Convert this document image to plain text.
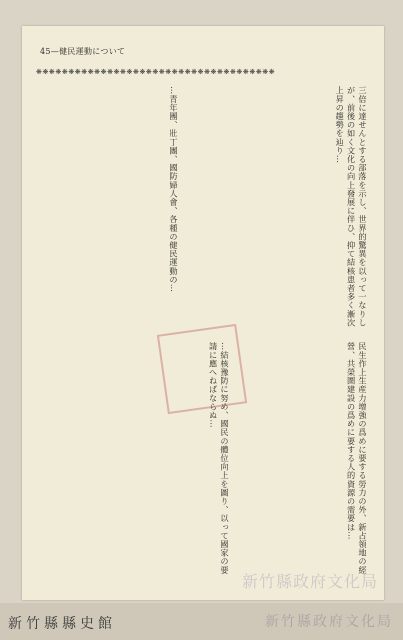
45—健民運動について
❋❋❋❋❋❋❋❋❋❋❋❋❋❋❋❋❋❋❋❋❋❋❋❋❋❋❋❋❋❋❋❋❋❋❋❋❋
三倍に達せんとする部落を示し、世界的驚異を以って一なりしが、前後の如く文化の向上發展に伴ひ、抑て結核患者多く漸次上昇の趨勢を辿り…
…青年團、壯丁團、國防婦人會、各種の健民運動の…
民生作上生産力增強の爲めに要する勞力の外、新占領地の經營、共榮圏建設の爲めに要する人的資源の需要は…
…結核豫防に努め、國民の體位向上を圖り、以って國家の要請に應へねばならぬ…
新竹縣政府文化局
新竹縣縣史館	新竹縣政府文化局
